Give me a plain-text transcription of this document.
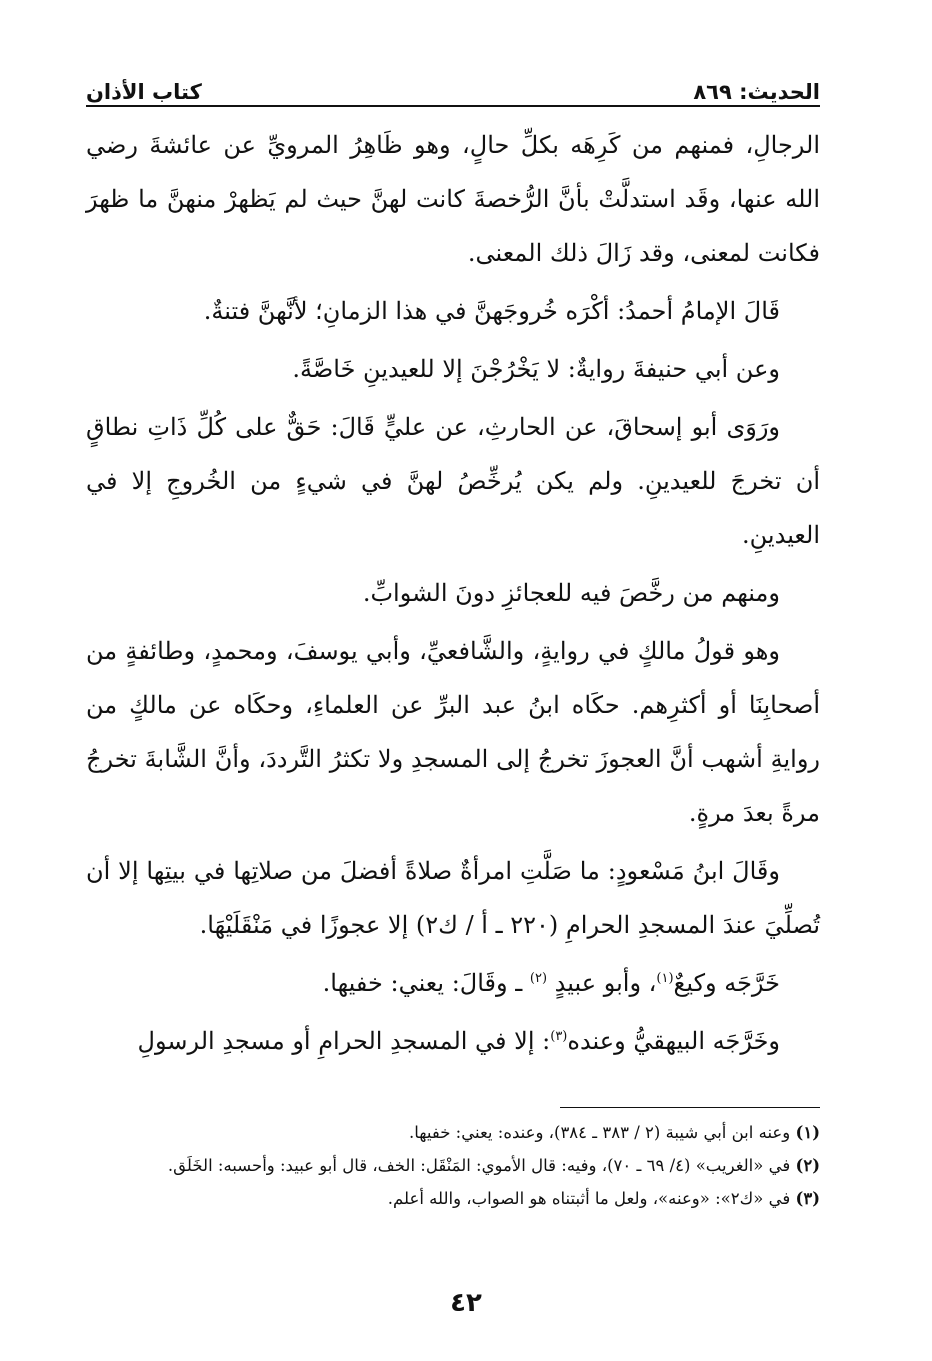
الحديث: ٨٦٩
كتاب الأذان

الرجالِ، فمنهم من كَرِهَه بكلِّ حالٍ، وهو ظَاهِرُ المرويِّ عن عائشةَ رضي الله عنها، وقَد استدلَّتْ بأنَّ الرُّخصةَ كانت لهنَّ حيث لم يَظهرْ منهنَّ ما ظهرَ فكانت لمعنى، وقد زَالَ ذلك المعنى.

قَالَ الإمامُ أحمدُ: أكْرَه خُروجَهنَّ في هذا الزمانِ؛ لأنَّهنَّ فتنةٌ.

وعن أبي حنيفةَ روايةٌ: لا يَخْرُجْنَ إلا للعيدينِ خَاصَّةً.

ورَوَى أبو إسحاقَ، عن الحارثِ، عن عليٍّ قَالَ: حَقٌّ على كُلِّ ذَاتِ نطاقٍ أن تخرجَ للعيدينِ. ولم يكن يُرخِّصُ لهنَّ في شيءٍ من الخُروجِ إلا في العيدينِ.

ومنهم من رخَّصَ فيه للعجائزِ دونَ الشوابِّ.

وهو قولُ مالكٍ في روايةٍ، والشَّافعيِّ، وأبي يوسفَ، ومحمدٍ، وطائفةٍ من أصحابِنَا أو أكثرِهم. حكَاه ابنُ عبد البرِّ عن العلماءِ، وحكَاه عن مالكٍ من روايةِ أشهب أنَّ العجوزَ تخرجُ إلى المسجدِ ولا تكثرُ التَّرددَ، وأنَّ الشَّابةَ تخرجُ مرةً بعدَ مرةٍ.

وقَالَ ابنُ مَسْعودٍ: ما صَلَّتِ امرأةٌ صلاةً أفضلَ من صلاتِها في بيتِها إلا أن تُصلِّيَ عندَ المسجدِ الحرامِ (٢٢٠ ـ أ / ك٢) إلا عجوزًا في مَنْقَلَيْهَا.

خَرَّجَه وكيعٌ$^{(١)}$، وأبو عبيدٍ $^{(٢)}$ ـ وقَالَ: يعني: خفيها.

وخَرَّجَه البيهقيُّ وعنده$^{(٣)}$: إلا في المسجدِ الحرامِ أو مسجدِ الرسولِ

(١) وعنه ابن أبي شيبة (٢ / ٣٨٣ ـ ٣٨٤)، وعنده: يعني: خفيها.

(٢) في «الغريب» (٤/ ٦٩ ـ ٧٠)، وفيه: قال الأموي: المَنْقَل: الخف، قال أبو عبيد: وأحسبه: الخَلَق.

(٣) في «ك٢»: «وعنه»، ولعل ما أثبتناه هو الصواب، والله أعلم.

٤٢
